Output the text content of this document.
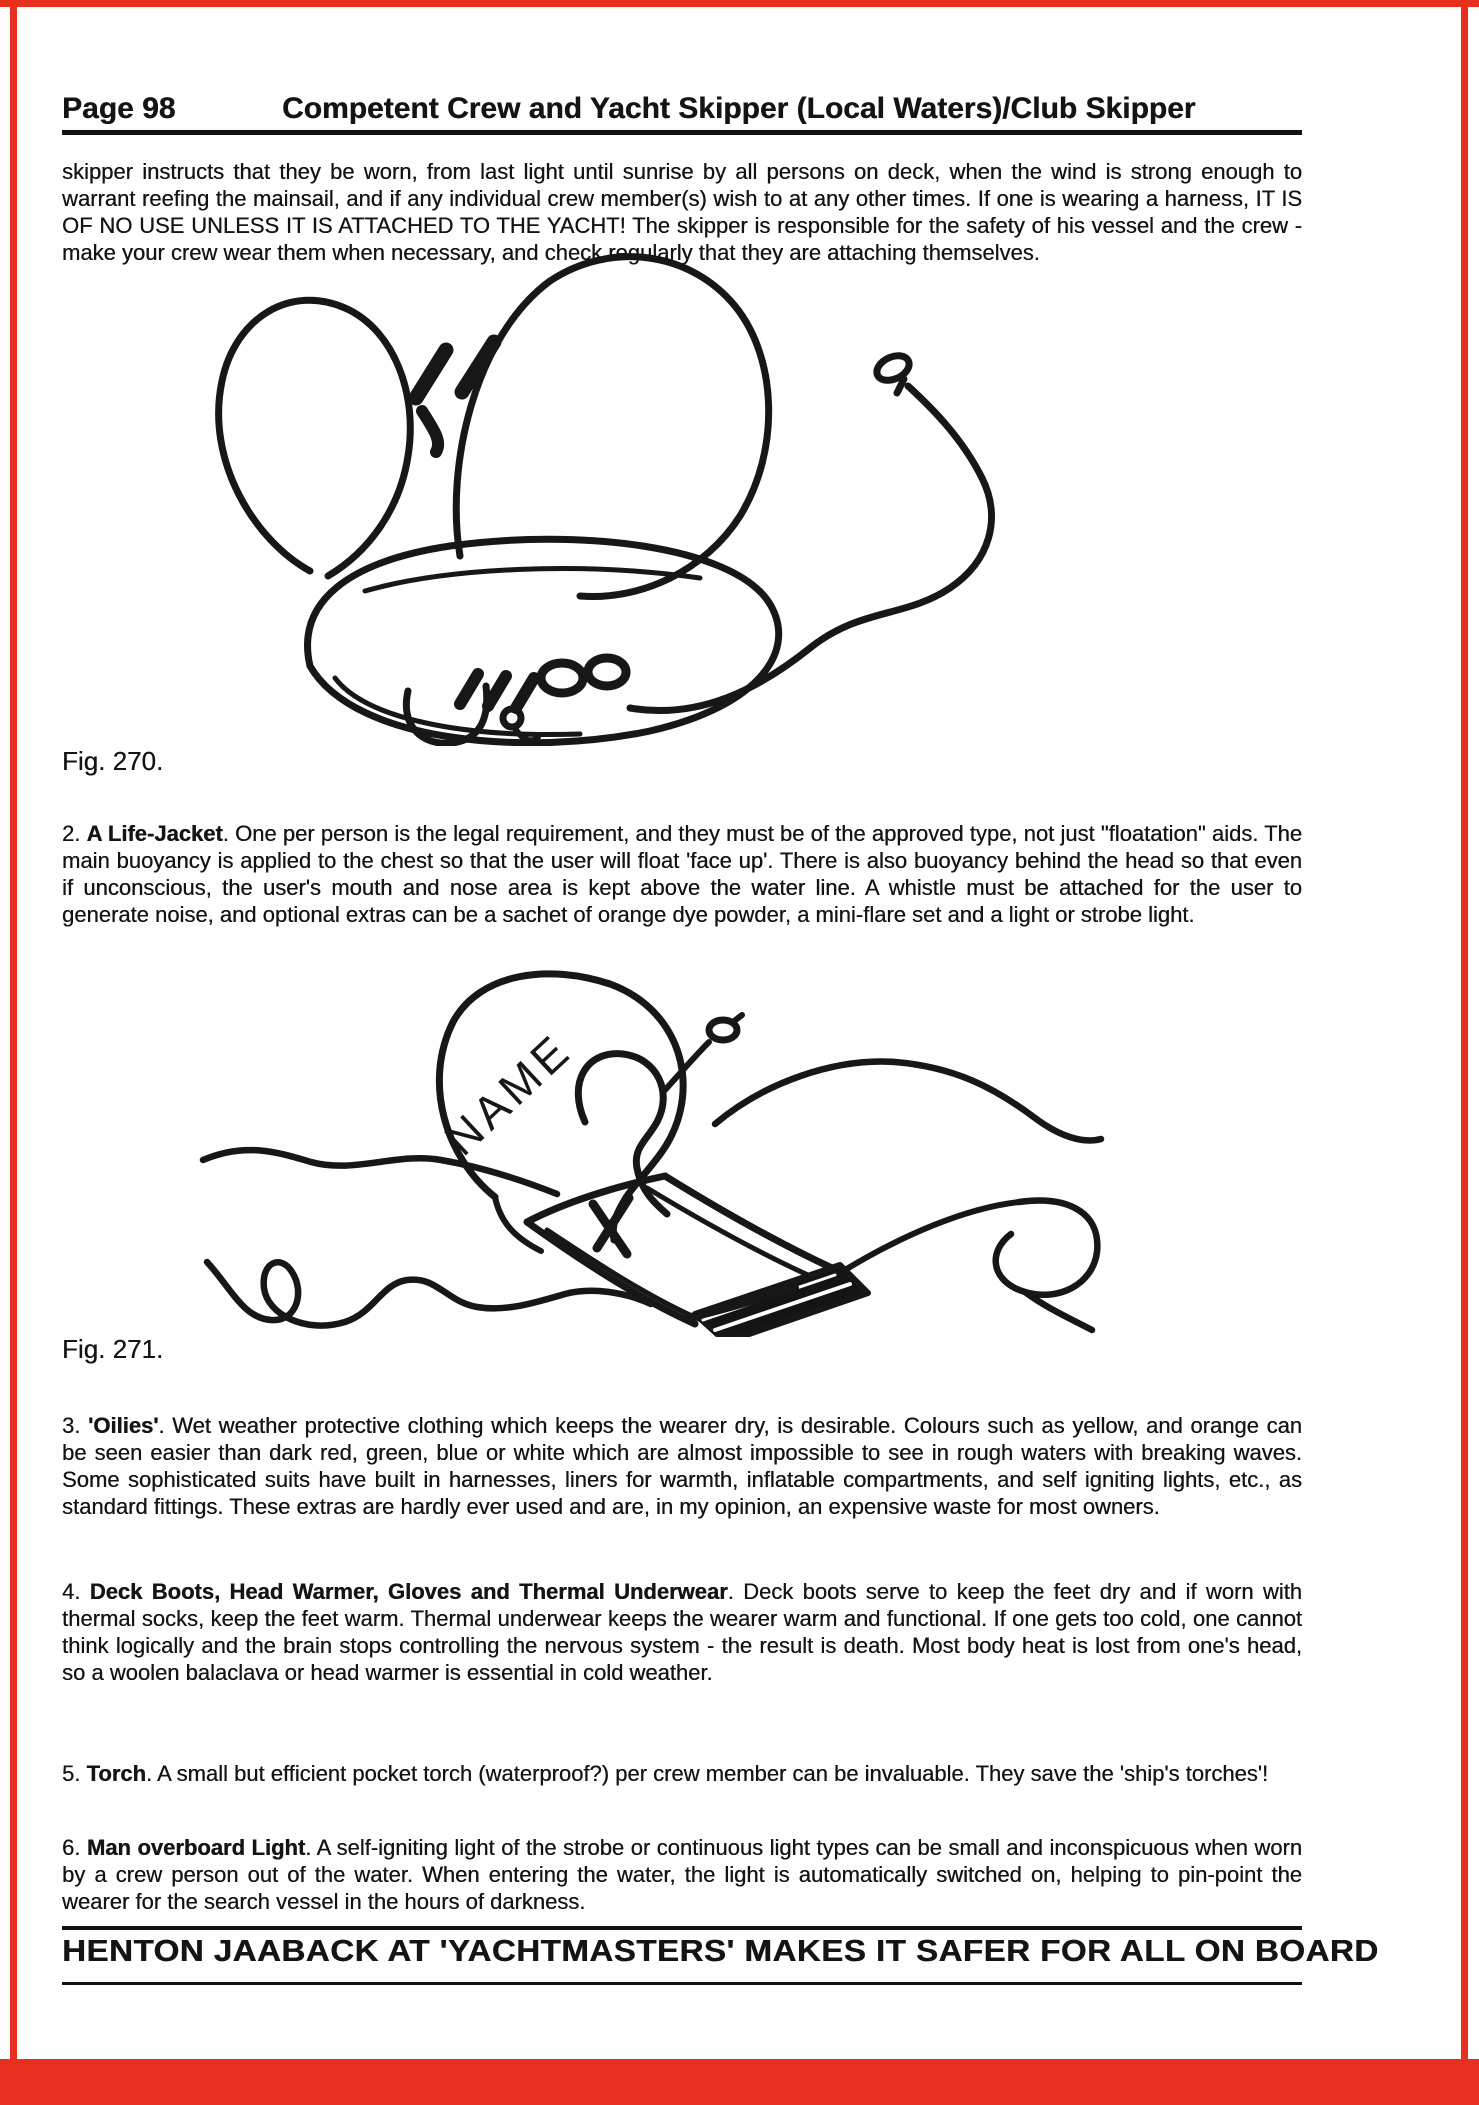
Page 98	Competent Crew and Yacht Skipper (Local Waters)/Club Skipper

skipper instructs that they be worn, from last light until sunrise by all persons on deck, when the wind is strong enough to warrant reefing the mainsail, and if any individual crew member(s) wish to at any other times. If one is wearing a harness, IT IS OF NO USE UNLESS IT IS ATTACHED TO THE YACHT! The skipper is responsible for the safety of his vessel and the crew - make your crew wear them when necessary, and check regularly that they are attaching themselves.

Fig. 270.

2. A Life-Jacket. One per person is the legal requirement, and they must be of the approved type, not just "floatation" aids. The main buoyancy is applied to the chest so that the user will float 'face up'. There is also buoyancy behind the head so that even if unconscious, the user's mouth and nose area is kept above the water line. A whistle must be attached for the user to generate noise, and optional extras can be a sachet of orange dye powder, a mini-flare set and a light or strobe light.

NAME
Fig. 271.

3. 'Oilies'. Wet weather protective clothing which keeps the wearer dry, is desirable. Colours such as yellow, and orange can be seen easier than dark red, green, blue or white which are almost impossible to see in rough waters with breaking waves. Some sophisticated suits have built in harnesses, liners for warmth, inflatable compartments, and self igniting lights, etc., as standard fittings. These extras are hardly ever used and are, in my opinion, an expensive waste for most owners.

4. Deck Boots, Head Warmer, Gloves and Thermal Underwear. Deck boots serve to keep the feet dry and if worn with thermal socks, keep the feet warm. Thermal underwear keeps the wearer warm and functional. If one gets too cold, one cannot think logically and the brain stops controlling the nervous system - the result is death. Most body heat is lost from one's head, so a woolen balaclava or head warmer is essential in cold weather.

5. Torch. A small but efficient pocket torch (waterproof?) per crew member can be invaluable. They save the 'ship's torches'!

6. Man overboard Light. A self-igniting light of the strobe or continuous light types can be small and inconspicuous when worn by a crew person out of the water. When entering the water, the light is automatically switched on, helping to pin-point the wearer for the search vessel in the hours of darkness.

HENTON JAABACK AT 'YACHTMASTERS' MAKES IT SAFER FOR ALL ON BOARD
